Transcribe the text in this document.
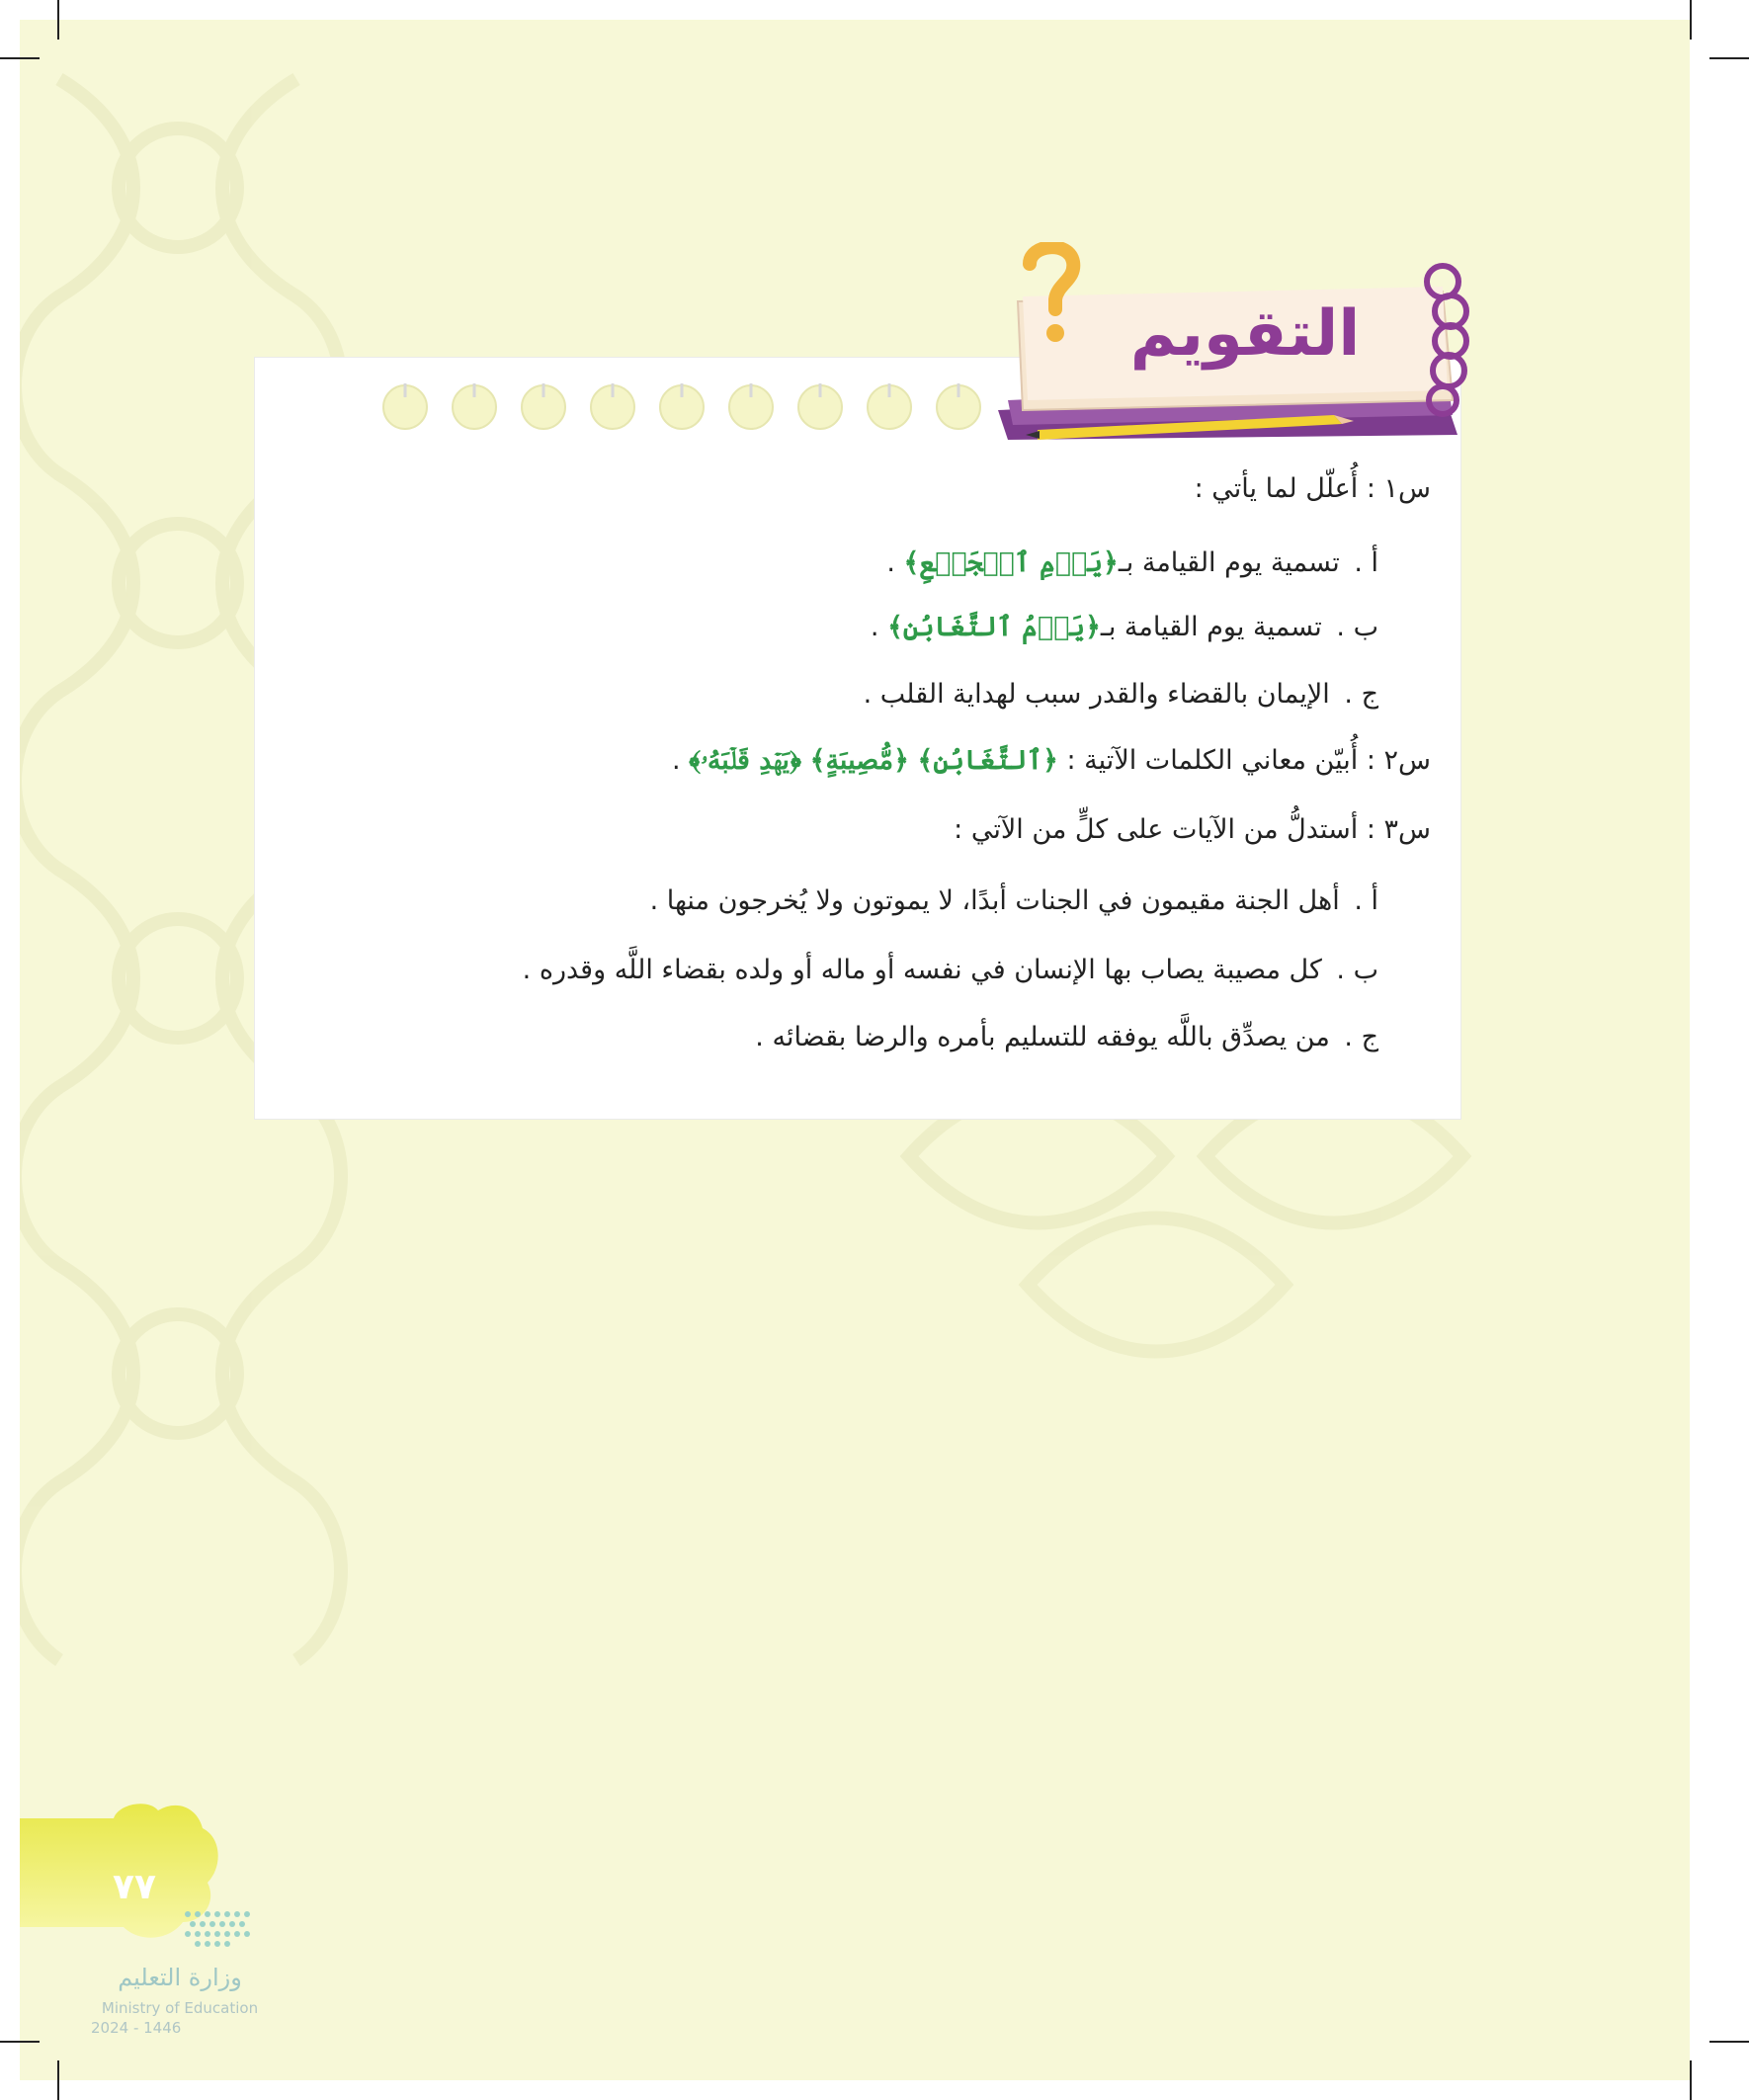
التقويم
س١ : أُعلّل لما يأتي :
أ . تسمية يوم القيامة بـ﴿يَوۡمِ ٱلۡجَمۡعِ﴾ .
ب . تسمية يوم القيامة بـ﴿يَوۡمُ ٱلتَّغَابُنِ﴾ .
ج . الإيمان بالقضاء والقدر سبب لهداية القلب .
س٢ : أُبيّن معاني الكلمات الآتية : ﴿ٱلتَّغَابُنِ﴾ ﴿مُّصِيبَةٍ﴾ ﴿يَهۡدِ قَلۡبَهُۥ﴾ .
س٣ : أستدلُّ من الآيات على كلٍّ من الآتي :
أ . أهل الجنة مقيمون في الجنات أبدًا، لا يموتون ولا يُخرجون منها .
ب . كل مصيبة يصاب بها الإنسان في نفسه أو ماله أو ولده بقضاء اللَّه وقدره .
ج . من يصدِّق باللَّه يوفقه للتسليم بأمره والرضا بقضائه .
٧٧
وزارة التعليم
Ministry of Education
2024 - 1446
